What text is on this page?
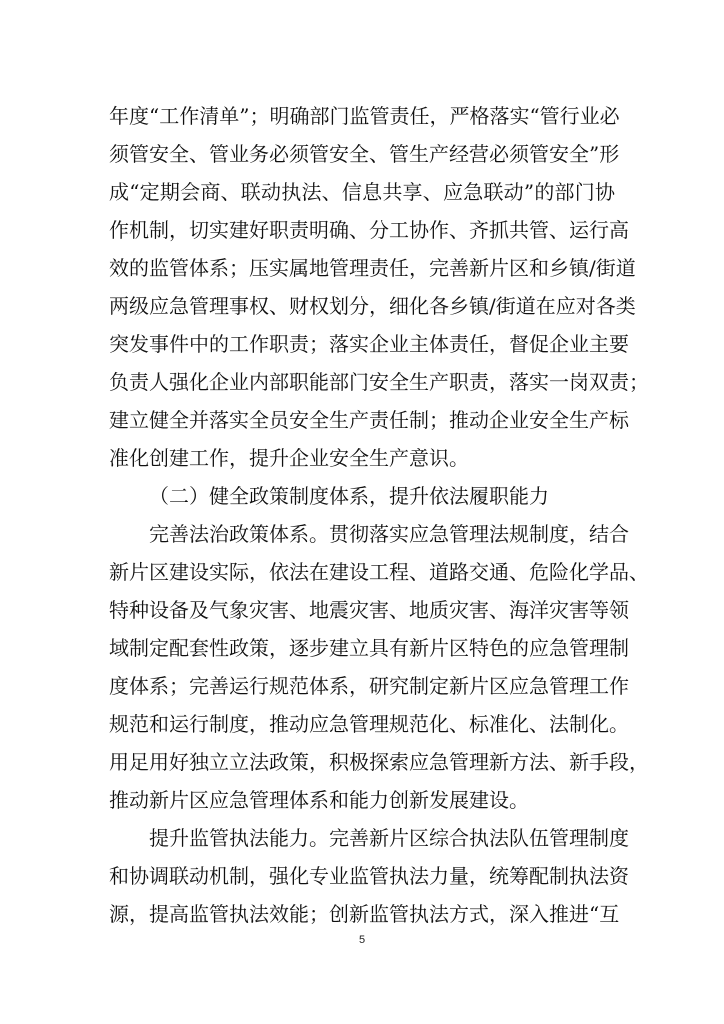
年度“工作清单”；明确部门监管责任，严格落实“管行业必
须管安全、管业务必须管安全、管生产经营必须管安全”形
成“定期会商、联动执法、信息共享、应急联动”的部门协
作机制，切实建好职责明确、分工协作、齐抓共管、运行高
效的监管体系；压实属地管理责任，完善新片区和乡镇/街道
两级应急管理事权、财权划分，细化各乡镇/街道在应对各类
突发事件中的工作职责；落实企业主体责任，督促企业主要
负责人强化企业内部职能部门安全生产职责，落实一岗双责；
建立健全并落实全员安全生产责任制；推动企业安全生产标
准化创建工作，提升企业安全生产意识。
（二）健全政策制度体系，提升依法履职能力
完善法治政策体系。贯彻落实应急管理法规制度，结合
新片区建设实际，依法在建设工程、道路交通、危险化学品、
特种设备及气象灾害、地震灾害、地质灾害、海洋灾害等领
域制定配套性政策，逐步建立具有新片区特色的应急管理制
度体系；完善运行规范体系，研究制定新片区应急管理工作
规范和运行制度，推动应急管理规范化、标准化、法制化。
用足用好独立立法政策，积极探索应急管理新方法、新手段，
推动新片区应急管理体系和能力创新发展建设。
提升监管执法能力。完善新片区综合执法队伍管理制度
和协调联动机制，强化专业监管执法力量，统筹配制执法资
源，提高监管执法效能；创新监管执法方式，深入推进“互
5
